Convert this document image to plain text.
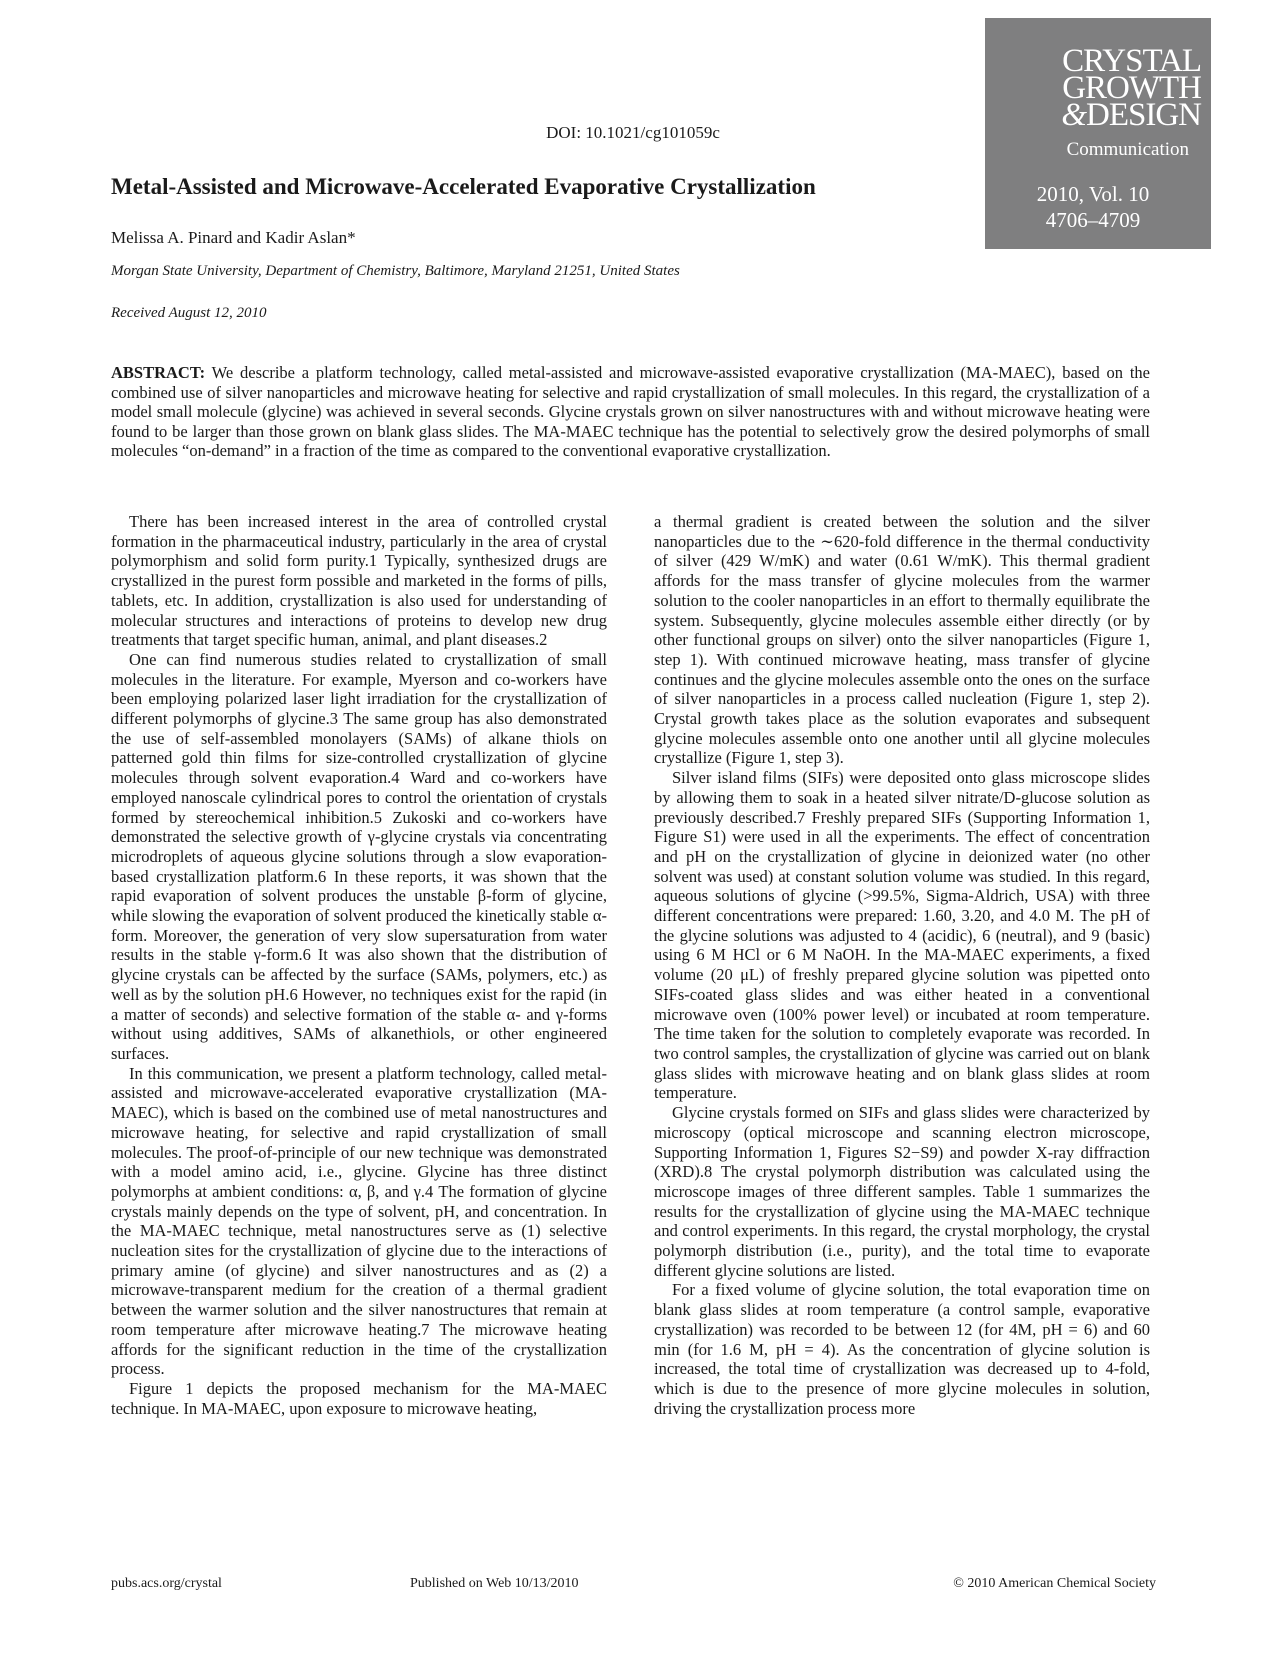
DOI: 10.1021/cg101059c
CRYSTAL
GROWTH
&DESIGN
Communication
2010, Vol. 10
4706–4709
Metal-Assisted and Microwave-Accelerated Evaporative Crystallization
Melissa A. Pinard and Kadir Aslan*
Morgan State University, Department of Chemistry, Baltimore, Maryland 21251, United States
Received August 12, 2010
ABSTRACT: We describe a platform technology, called metal-assisted and microwave-assisted evaporative crystallization (MA-MAEC), based on the combined use of silver nanoparticles and microwave heating for selective and rapid crystallization of small molecules. In this regard, the crystallization of a model small molecule (glycine) was achieved in several seconds. Glycine crystals grown on silver nanostructures with and without microwave heating were found to be larger than those grown on blank glass slides. The MA-MAEC technique has the potential to selectively grow the desired polymorphs of small molecules “on-demand” in a fraction of the time as compared to the conventional evaporative crystallization.

There has been increased interest in the area of controlled crystal formation in the pharmaceutical industry, particularly in the area of crystal polymorphism and solid form purity.1 Typically, synthesized drugs are crystallized in the purest form possible and marketed in the forms of pills, tablets, etc. In addition, crystallization is also used for understanding of molecular structures and interactions of proteins to develop new drug treatments that target specific human, animal, and plant diseases.2

One can find numerous studies related to crystallization of small molecules in the literature. For example, Myerson and co-workers have been employing polarized laser light irradiation for the crystallization of different polymorphs of glycine.3 The same group has also demonstrated the use of self-assembled monolayers (SAMs) of alkane thiols on patterned gold thin films for size-controlled crystallization of glycine molecules through solvent evaporation.4 Ward and co-workers have employed nanoscale cylindrical pores to control the orientation of crystals formed by stereochemical inhibition.5 Zukoski and co-workers have demonstrated the selective growth of γ-glycine crystals via concentrating microdroplets of aqueous glycine solutions through a slow evaporation-based crystallization platform.6 In these reports, it was shown that the rapid evaporation of solvent produces the unstable β-form of glycine, while slowing the evaporation of solvent produced the kinetically stable α-form. Moreover, the generation of very slow supersaturation from water results in the stable γ-form.6 It was also shown that the distribution of glycine crystals can be affected by the surface (SAMs, polymers, etc.) as well as by the solution pH.6 However, no techniques exist for the rapid (in a matter of seconds) and selective formation of the stable α- and γ-forms without using additives, SAMs of alkanethiols, or other engineered surfaces.

In this communication, we present a platform technology, called metal-assisted and microwave-accelerated evaporative crystallization (MA-MAEC), which is based on the combined use of metal nanostructures and microwave heating, for selective and rapid crystallization of small molecules. The proof-of-principle of our new technique was demonstrated with a model amino acid, i.e., glycine. Glycine has three distinct polymorphs at ambient conditions: α, β, and γ.4 The formation of glycine crystals mainly depends on the type of solvent, pH, and concentration. In the MA-MAEC technique, metal nanostructures serve as (1) selective nucleation sites for the crystallization of glycine due to the interactions of primary amine (of glycine) and silver nanostructures and as (2) a microwave-transparent medium for the creation of a thermal gradient between the warmer solution and the silver nanostructures that remain at room temperature after microwave heating.7 The microwave heating affords for the significant reduction in the time of the crystallization process.

Figure 1 depicts the proposed mechanism for the MA-MAEC technique. In MA-MAEC, upon exposure to microwave heating,

a thermal gradient is created between the solution and the silver nanoparticles due to the ∼620-fold difference in the thermal conductivity of silver (429 W/mK) and water (0.61 W/mK). This thermal gradient affords for the mass transfer of glycine molecules from the warmer solution to the cooler nanoparticles in an effort to thermally equilibrate the system. Subsequently, glycine molecules assemble either directly (or by other functional groups on silver) onto the silver nanoparticles (Figure 1, step 1). With continued microwave heating, mass transfer of glycine continues and the glycine molecules assemble onto the ones on the surface of silver nanoparticles in a process called nucleation (Figure 1, step 2). Crystal growth takes place as the solution evaporates and subsequent glycine molecules assemble onto one another until all glycine molecules crystallize (Figure 1, step 3).

Silver island films (SIFs) were deposited onto glass microscope slides by allowing them to soak in a heated silver nitrate/D-glucose solution as previously described.7 Freshly prepared SIFs (Supporting Information 1, Figure S1) were used in all the experiments. The effect of concentration and pH on the crystallization of glycine in deionized water (no other solvent was used) at constant solution volume was studied. In this regard, aqueous solutions of glycine (>99.5%, Sigma-Aldrich, USA) with three different concentrations were prepared: 1.60, 3.20, and 4.0 M. The pH of the glycine solutions was adjusted to 4 (acidic), 6 (neutral), and 9 (basic) using 6 M HCl or 6 M NaOH. In the MA-MAEC experiments, a fixed volume (20 μL) of freshly prepared glycine solution was pipetted onto SIFs-coated glass slides and was either heated in a conventional microwave oven (100% power level) or incubated at room temperature. The time taken for the solution to completely evaporate was recorded. In two control samples, the crystallization of glycine was carried out on blank glass slides with microwave heating and on blank glass slides at room temperature.

Glycine crystals formed on SIFs and glass slides were characterized by microscopy (optical microscope and scanning electron microscope, Supporting Information 1, Figures S2−S9) and powder X-ray diffraction (XRD).8 The crystal polymorph distribution was calculated using the microscope images of three different samples. Table 1 summarizes the results for the crystallization of glycine using the MA-MAEC technique and control experiments. In this regard, the crystal morphology, the crystal polymorph distribution (i.e., purity), and the total time to evaporate different glycine solutions are listed.

For a fixed volume of glycine solution, the total evaporation time on blank glass slides at room temperature (a control sample, evaporative crystallization) was recorded to be between 12 (for 4M, pH = 6) and 60 min (for 1.6 M, pH = 4). As the concentration of glycine solution is increased, the total time of crystallization was decreased up to 4-fold, which is due to the presence of more glycine molecules in solution, driving the crystallization process more

pubs.acs.org/crystal	Published on Web 10/13/2010	© 2010 American Chemical Society
